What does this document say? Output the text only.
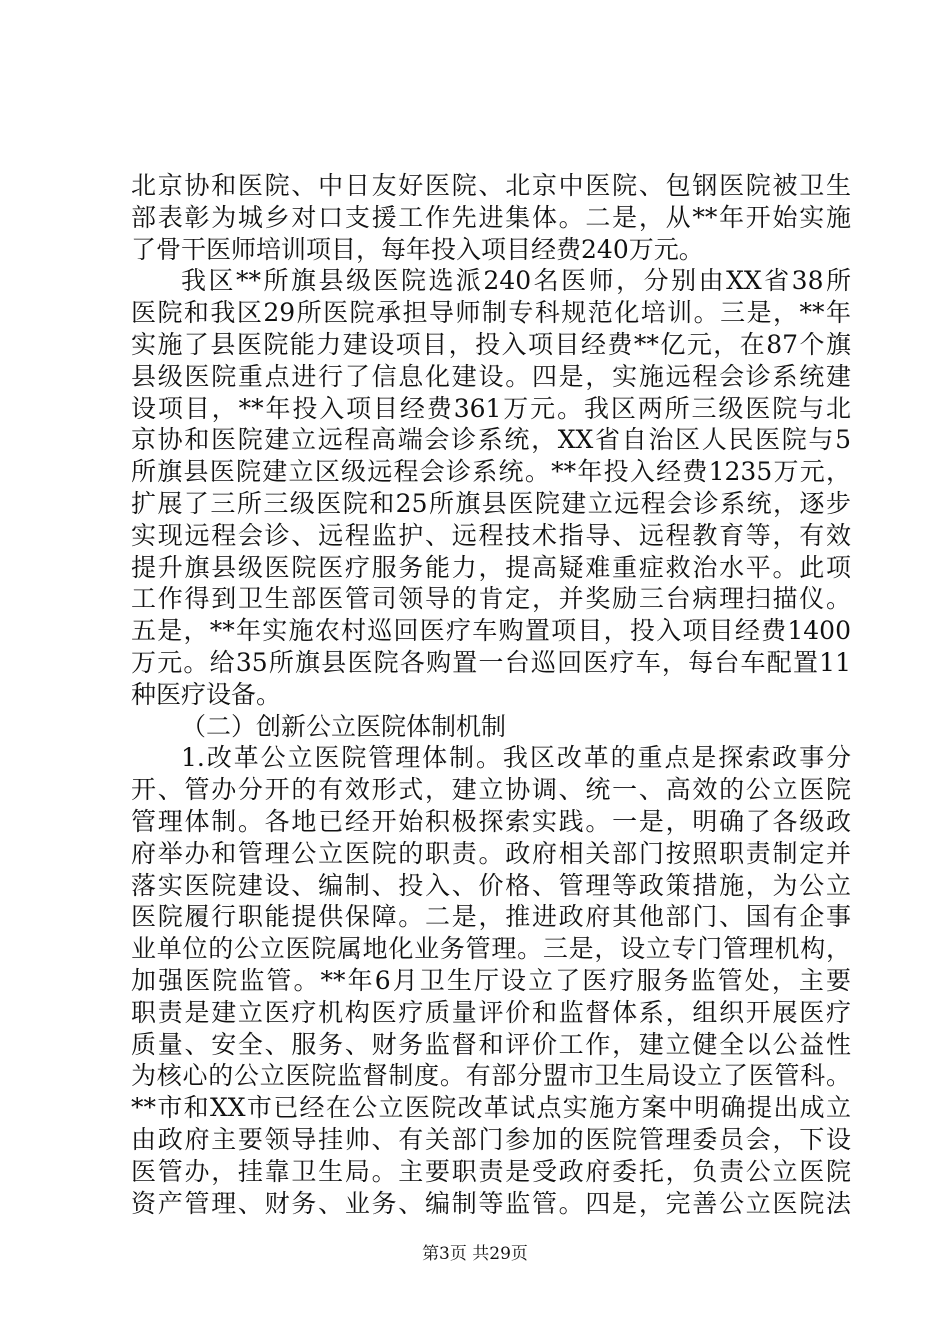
北京协和医院、中日友好医院、北京中医院、包钢医院被卫生
部表彰为城乡对口支援工作先进集体。二是，从**年开始实施
了骨干医师培训项目，每年投入项目经费240万元。
我区**所旗县级医院选派240名医师，分别由XX省38所
医院和我区29所医院承担导师制专科规范化培训。三是，**年
实施了县医院能力建设项目，投入项目经费**亿元，在87个旗
县级医院重点进行了信息化建设。四是，实施远程会诊系统建
设项目，**年投入项目经费361万元。我区两所三级医院与北
京协和医院建立远程高端会诊系统，XX省自治区人民医院与5
所旗县医院建立区级远程会诊系统。**年投入经费1235万元，
扩展了三所三级医院和25所旗县医院建立远程会诊系统，逐步
实现远程会诊、远程监护、远程技术指导、远程教育等，有效
提升旗县级医院医疗服务能力，提高疑难重症救治水平。此项
工作得到卫生部医管司领导的肯定，并奖励三台病理扫描仪。
五是，**年实施农村巡回医疗车购置项目，投入项目经费1400
万元。给35所旗县医院各购置一台巡回医疗车，每台车配置11
种医疗设备。
（二）创新公立医院体制机制
1.改革公立医院管理体制。我区改革的重点是探索政事分
开、管办分开的有效形式，建立协调、统一、高效的公立医院
管理体制。各地已经开始积极探索实践。一是，明确了各级政
府举办和管理公立医院的职责。政府相关部门按照职责制定并
落实医院建设、编制、投入、价格、管理等政策措施，为公立
医院履行职能提供保障。二是，推进政府其他部门、国有企事
业单位的公立医院属地化业务管理。三是，设立专门管理机构，
加强医院监管。**年6月卫生厅设立了医疗服务监管处，主要
职责是建立医疗机构医疗质量评价和监督体系，组织开展医疗
质量、安全、服务、财务监督和评价工作，建立健全以公益性
为核心的公立医院监督制度。有部分盟市卫生局设立了医管科。
**市和XX市已经在公立医院改革试点实施方案中明确提出成立
由政府主要领导挂帅、有关部门参加的医院管理委员会，下设
医管办，挂靠卫生局。主要职责是受政府委托，负责公立医院
资产管理、财务、业务、编制等监管。四是，完善公立医院法
第3页 共29页
